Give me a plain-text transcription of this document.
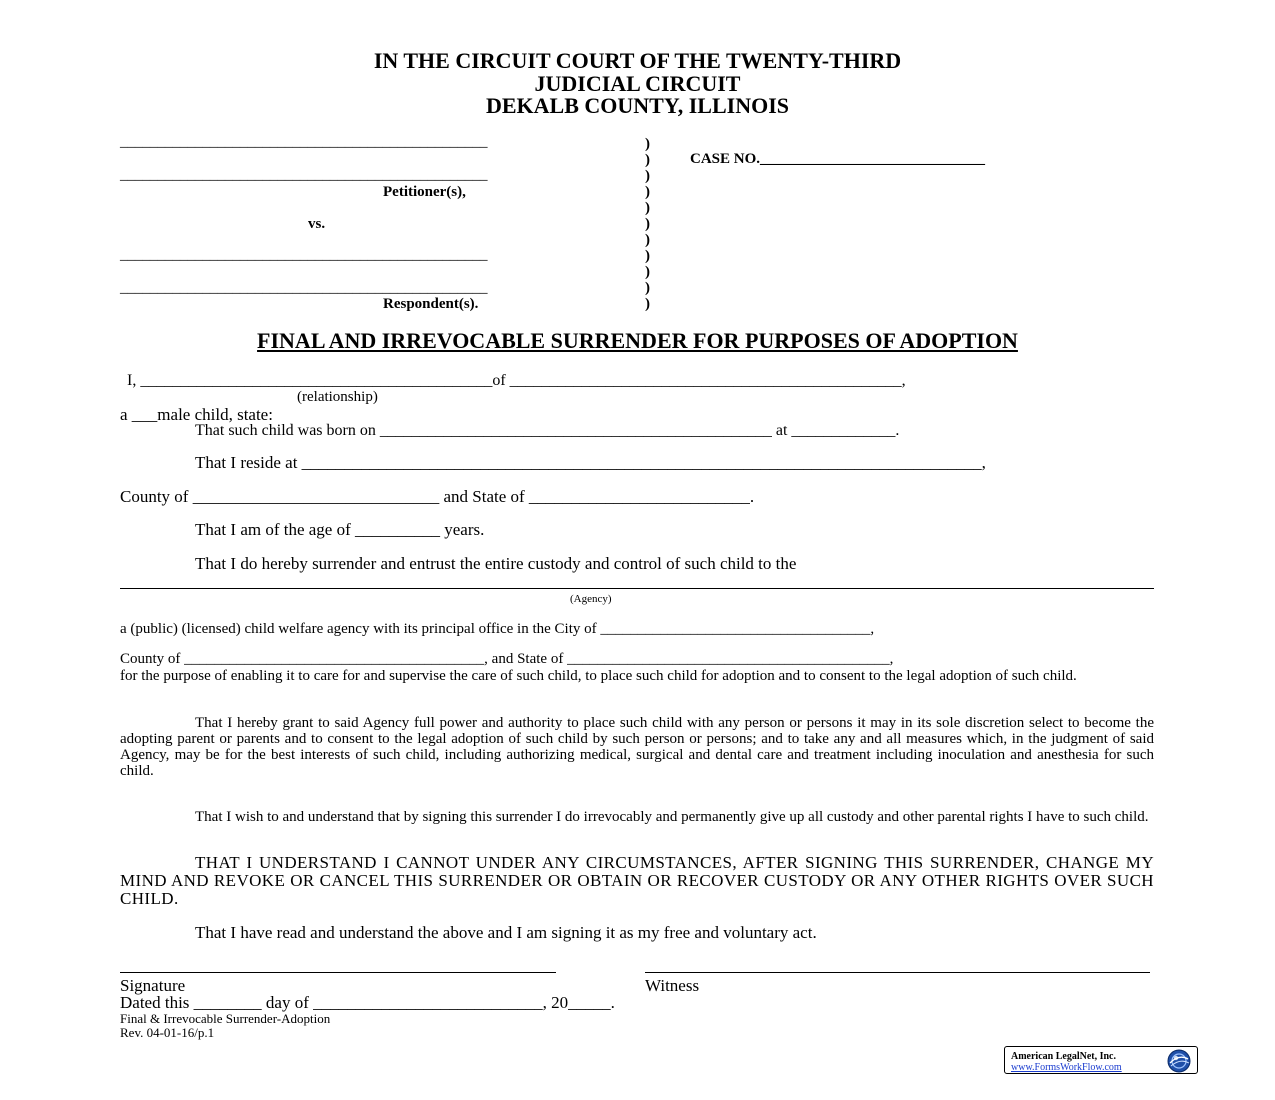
IN THE CIRCUIT COURT OF THE TWENTY-THIRD
JUDICIAL CIRCUIT
DEKALB COUNTY, ILLINOIS
_________________________________________________
_________________________________________________
Petitioner(s),
vs.
_________________________________________________
_________________________________________________
Respondent(s).
)
)
)
)
)
)
)
)
)
)
)
CASE NO.______________________________
FINAL AND IRREVOCABLE SURRENDER FOR PURPOSES OF ADOPTION
I, ____________________________________________of _________________________________________________,
(relationship)
a ___male child, state:
That such child was born on _________________________________________________ at _____________.
That I reside at ________________________________________________________________________________,
County of _____________________________ and State of __________________________.
That I am of the age of __________ years.
That I do hereby surrender and entrust the entire custody and control of such child to the
(Agency)
a (public) (licensed) child welfare agency with its principal office in the City of ____________________________________,
County of ________________________________________, and State of ___________________________________________,
for the purpose of enabling it to care for and supervise the care of such child, to place such child for adoption and to consent to the legal adoption of such child.
That I hereby grant to said Agency full power and authority to place such child with any person or persons it may in its sole discretion select to become the adopting parent or parents and to consent to the legal adoption of such child by such person or persons; and to take any and all measures which, in the judgment of said Agency, may be for the best interests of such child, including authorizing medical, surgical and dental care and treatment including inoculation and anesthesia for such child.
That I wish to and understand that by signing this surrender I do irrevocably and permanently give up all custody and other parental rights I have to such child.
THAT I UNDERSTAND I CANNOT UNDER ANY CIRCUMSTANCES, AFTER SIGNING THIS SURRENDER, CHANGE MY MIND AND REVOKE OR CANCEL THIS SURRENDER OR OBTAIN OR RECOVER CUSTODY OR ANY OTHER RIGHTS OVER SUCH CHILD.
That I have read and understand the above and I am signing it as my free and voluntary act.
Signature	Witness
Dated this ________ day of ___________________________, 20_____.
Final & Irrevocable Surrender-Adoption
Rev. 04-01-16/p.1
American LegalNet, Inc.
www.FormsWorkFlow.com
